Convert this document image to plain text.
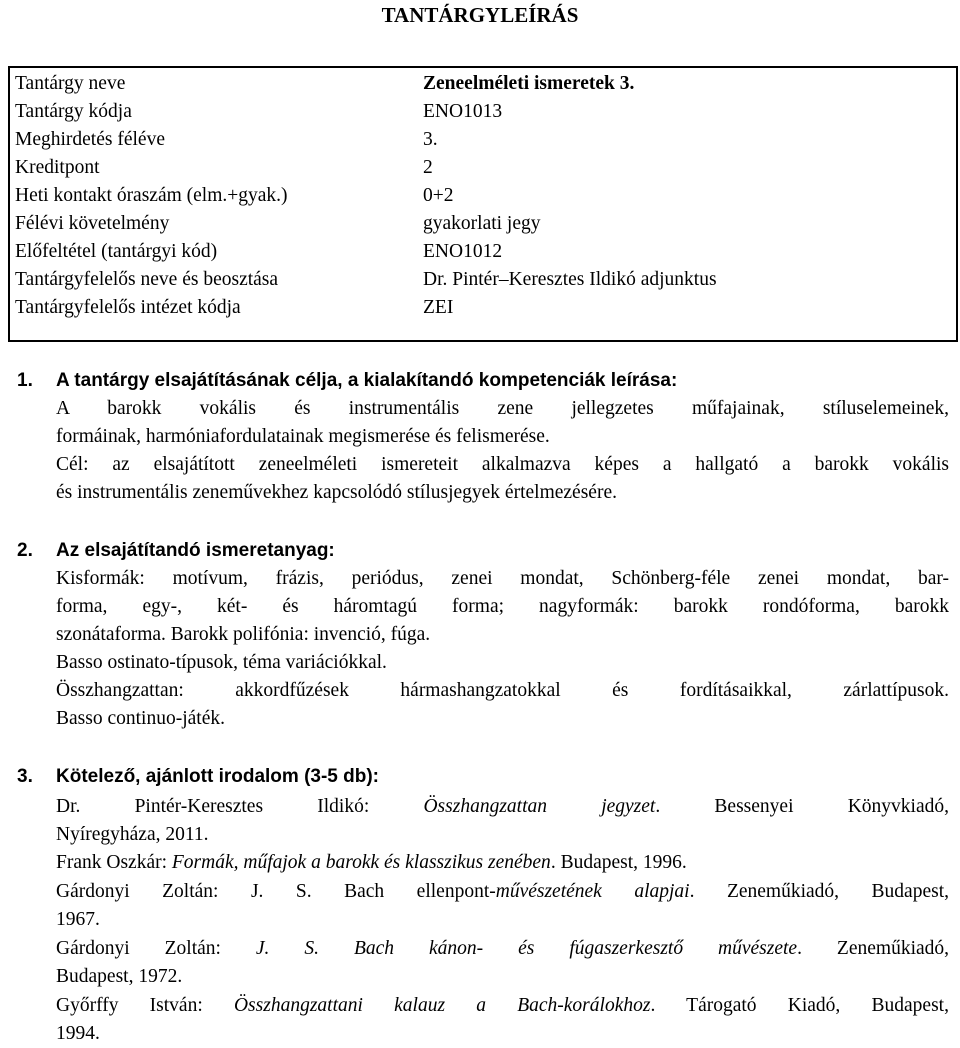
TANTÁRGYLEÍRÁS
Tantárgy neve	Zeneelméleti ismeretek 3.
Tantárgy kódja	ENO1013
Meghirdetés féléve	3.
Kreditpont	2
Heti kontakt óraszám (elm.+gyak.)	0+2
Félévi követelmény	gyakorlati jegy
Előfeltétel (tantárgyi kód)	ENO1012
Tantárgyfelelős neve és beosztása	Dr. Pintér–Keresztes Ildikó adjunktus
Tantárgyfelelős intézet kódja	ZEI
1. A tantárgy elsajátításának célja, a kialakítandó kompetenciák leírása:
A barokk vokális és instrumentális zene jellegzetes műfajainak, stíluselemeinek,
formáinak, harmóniafordulatainak megismerése és felismerése.
Cél: az elsajátított zeneelméleti ismereteit alkalmazva képes a hallgató a barokk vokális
és instrumentális zeneművekhez kapcsolódó stílusjegyek értelmezésére.
2. Az elsajátítandó ismeretanyag:
Kisformák: motívum, frázis, periódus, zenei mondat, Schönberg-féle zenei mondat, bar-
forma, egy-, két- és háromtagú forma; nagyformák: barokk rondóforma, barokk
szonátaforma. Barokk polifónia: invenció, fúga.
Basso ostinato-típusok, téma variációkkal.
Összhangzattan: akkordfűzések hármashangzatokkal és fordításaikkal, zárlattípusok.
Basso continuo-játék.
3. Kötelező, ajánlott irodalom (3-5 db):
Dr. Pintér-Keresztes Ildikó: Összhangzattan jegyzet. Bessenyei Könyvkiadó,
Nyíregyháza, 2011.
Frank Oszkár: Formák, műfajok a barokk és klasszikus zenében. Budapest, 1996.
Gárdonyi Zoltán: J. S. Bach ellenpont-művészetének alapjai. Zeneműkiadó, Budapest,
1967.
Gárdonyi Zoltán: J. S. Bach kánon- és fúgaszerkesztő művészete. Zeneműkiadó,
Budapest, 1972.
Győrffy István: Összhangzattani kalauz a Bach-korálokhoz. Tárogató Kiadó, Budapest,
1994.
